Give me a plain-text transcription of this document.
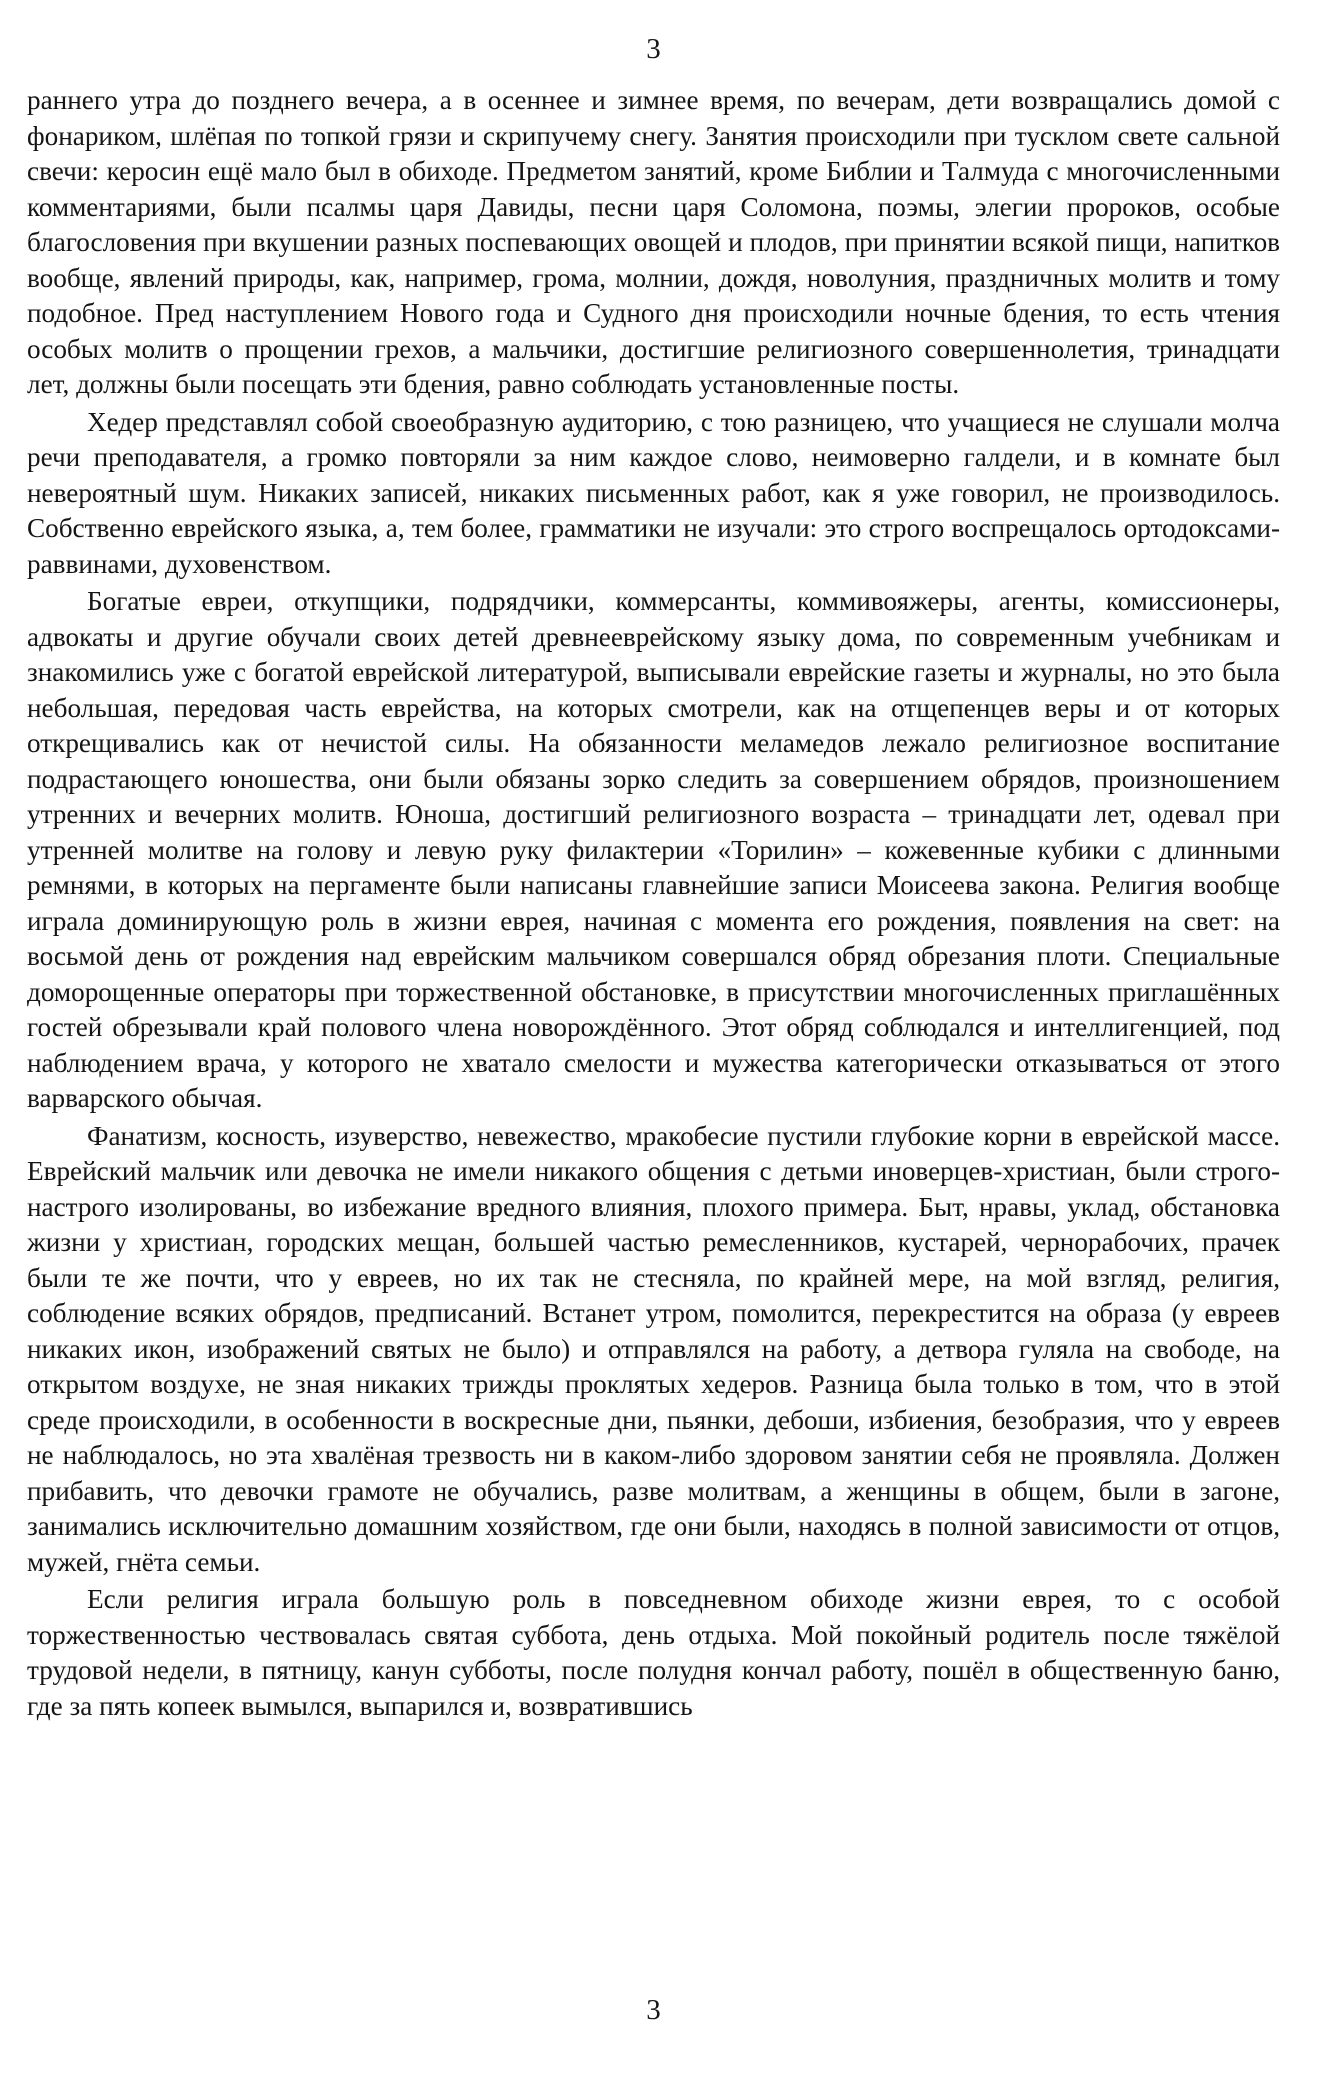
3

раннего утра до позднего вечера, а в осеннее и зимнее время, по вечерам, дети возвращались домой с фонариком, шлёпая по топкой грязи и скрипучему снегу. Занятия происходили при тусклом свете сальной свечи: керосин ещё мало был в обиходе. Предметом занятий, кроме Библии и Талмуда с многочисленными комментариями, были псалмы царя Давиды, песни царя Соломона, поэмы, элегии пророков, особые благословения при вкушении разных поспевающих овощей и плодов, при принятии всякой пищи, напитков вообще, явлений природы, как, например, грома, молнии, дождя, новолуния, праздничных молитв и тому подобное. Пред наступлением Нового года и Судного дня происходили ночные бдения, то есть чтения особых молитв о прощении грехов, а мальчики, достигшие религиозного совершеннолетия, тринадцати лет, должны были посещать эти бдения, равно соблюдать установленные посты.

Хедер представлял собой своеобразную аудиторию, с тою разницею, что учащиеся не слушали молча речи преподавателя, а громко повторяли за ним каждое слово, неимоверно галдели, и в комнате был невероятный шум. Никаких записей, никаких письменных работ, как я уже говорил, не производилось. Собственно еврейского языка, а, тем более, грамматики не изучали: это строго воспрещалось ортодоксами-раввинами, духовенством.

Богатые евреи, откупщики, подрядчики, коммерсанты, коммивояжеры, агенты, комиссионеры, адвокаты и другие обучали своих детей древнееврейскому языку дома, по современным учебникам и знакомились уже с богатой еврейской литературой, выписывали еврейские газеты и журналы, но это была небольшая, передовая часть еврейства, на которых смотрели, как на отщепенцев веры и от которых открещивались как от нечистой силы. На обязанности меламедов лежало религиозное воспитание подрастающего юношества, они были обязаны зорко следить за совершением обрядов, произношением утренних и вечерних молитв. Юноша, достигший религиозного возраста – тринадцати лет, одевал при утренней молитве на голову и левую руку филактерии «Торилин» – кожевенные кубики с длинными ремнями, в которых на пергаменте были написаны главнейшие записи Моисеева закона. Религия вообще играла доминирующую роль в жизни еврея, начиная с момента его рождения, появления на свет: на восьмой день от рождения над еврейским мальчиком совершался обряд обрезания плоти. Специальные доморощенные операторы при торжественной обстановке, в присутствии многочисленных приглашённых гостей обрезывали край полового члена новорождённого. Этот обряд соблюдался и интеллигенцией, под наблюдением врача, у которого не хватало смелости и мужества категорически отказываться от этого варварского обычая.

Фанатизм, косность, изуверство, невежество, мракобесие пустили глубокие корни в еврейской массе. Еврейский мальчик или девочка не имели никакого общения с детьми иноверцев-христиан, были строго-настрого изолированы, во избежание вредного влияния, плохого примера. Быт, нравы, уклад, обстановка жизни у христиан, городских мещан, большей частью ремесленников, кустарей, чернорабочих, прачек были те же почти, что у евреев, но их так не стесняла, по крайней мере, на мой взгляд, религия, соблюдение всяких обрядов, предписаний. Встанет утром, помолится, перекрестится на образа (у евреев никаких икон, изображений святых не было) и отправлялся на работу, а детвора гуляла на свободе, на открытом воздухе, не зная никаких трижды проклятых хедеров. Разница была только в том, что в этой среде происходили, в особенности в воскресные дни, пьянки, дебоши, избиения, безобразия, что у евреев не наблюдалось, но эта хвалёная трезвость ни в каком-либо здоровом занятии себя не проявляла. Должен прибавить, что девочки грамоте не обучались, разве молитвам, а женщины в общем, были в загоне, занимались исключительно домашним хозяйством, где они были, находясь в полной зависимости от отцов, мужей, гнёта семьи.

Если религия играла большую роль в повседневном обиходе жизни еврея, то с особой торжественностью чествовалась святая суббота, день отдыха. Мой покойный родитель после тяжёлой трудовой недели, в пятницу, канун субботы, после полудня кончал работу, пошёл в общественную баню, где за пять копеек вымылся, выпарился и, возвратившись

3
